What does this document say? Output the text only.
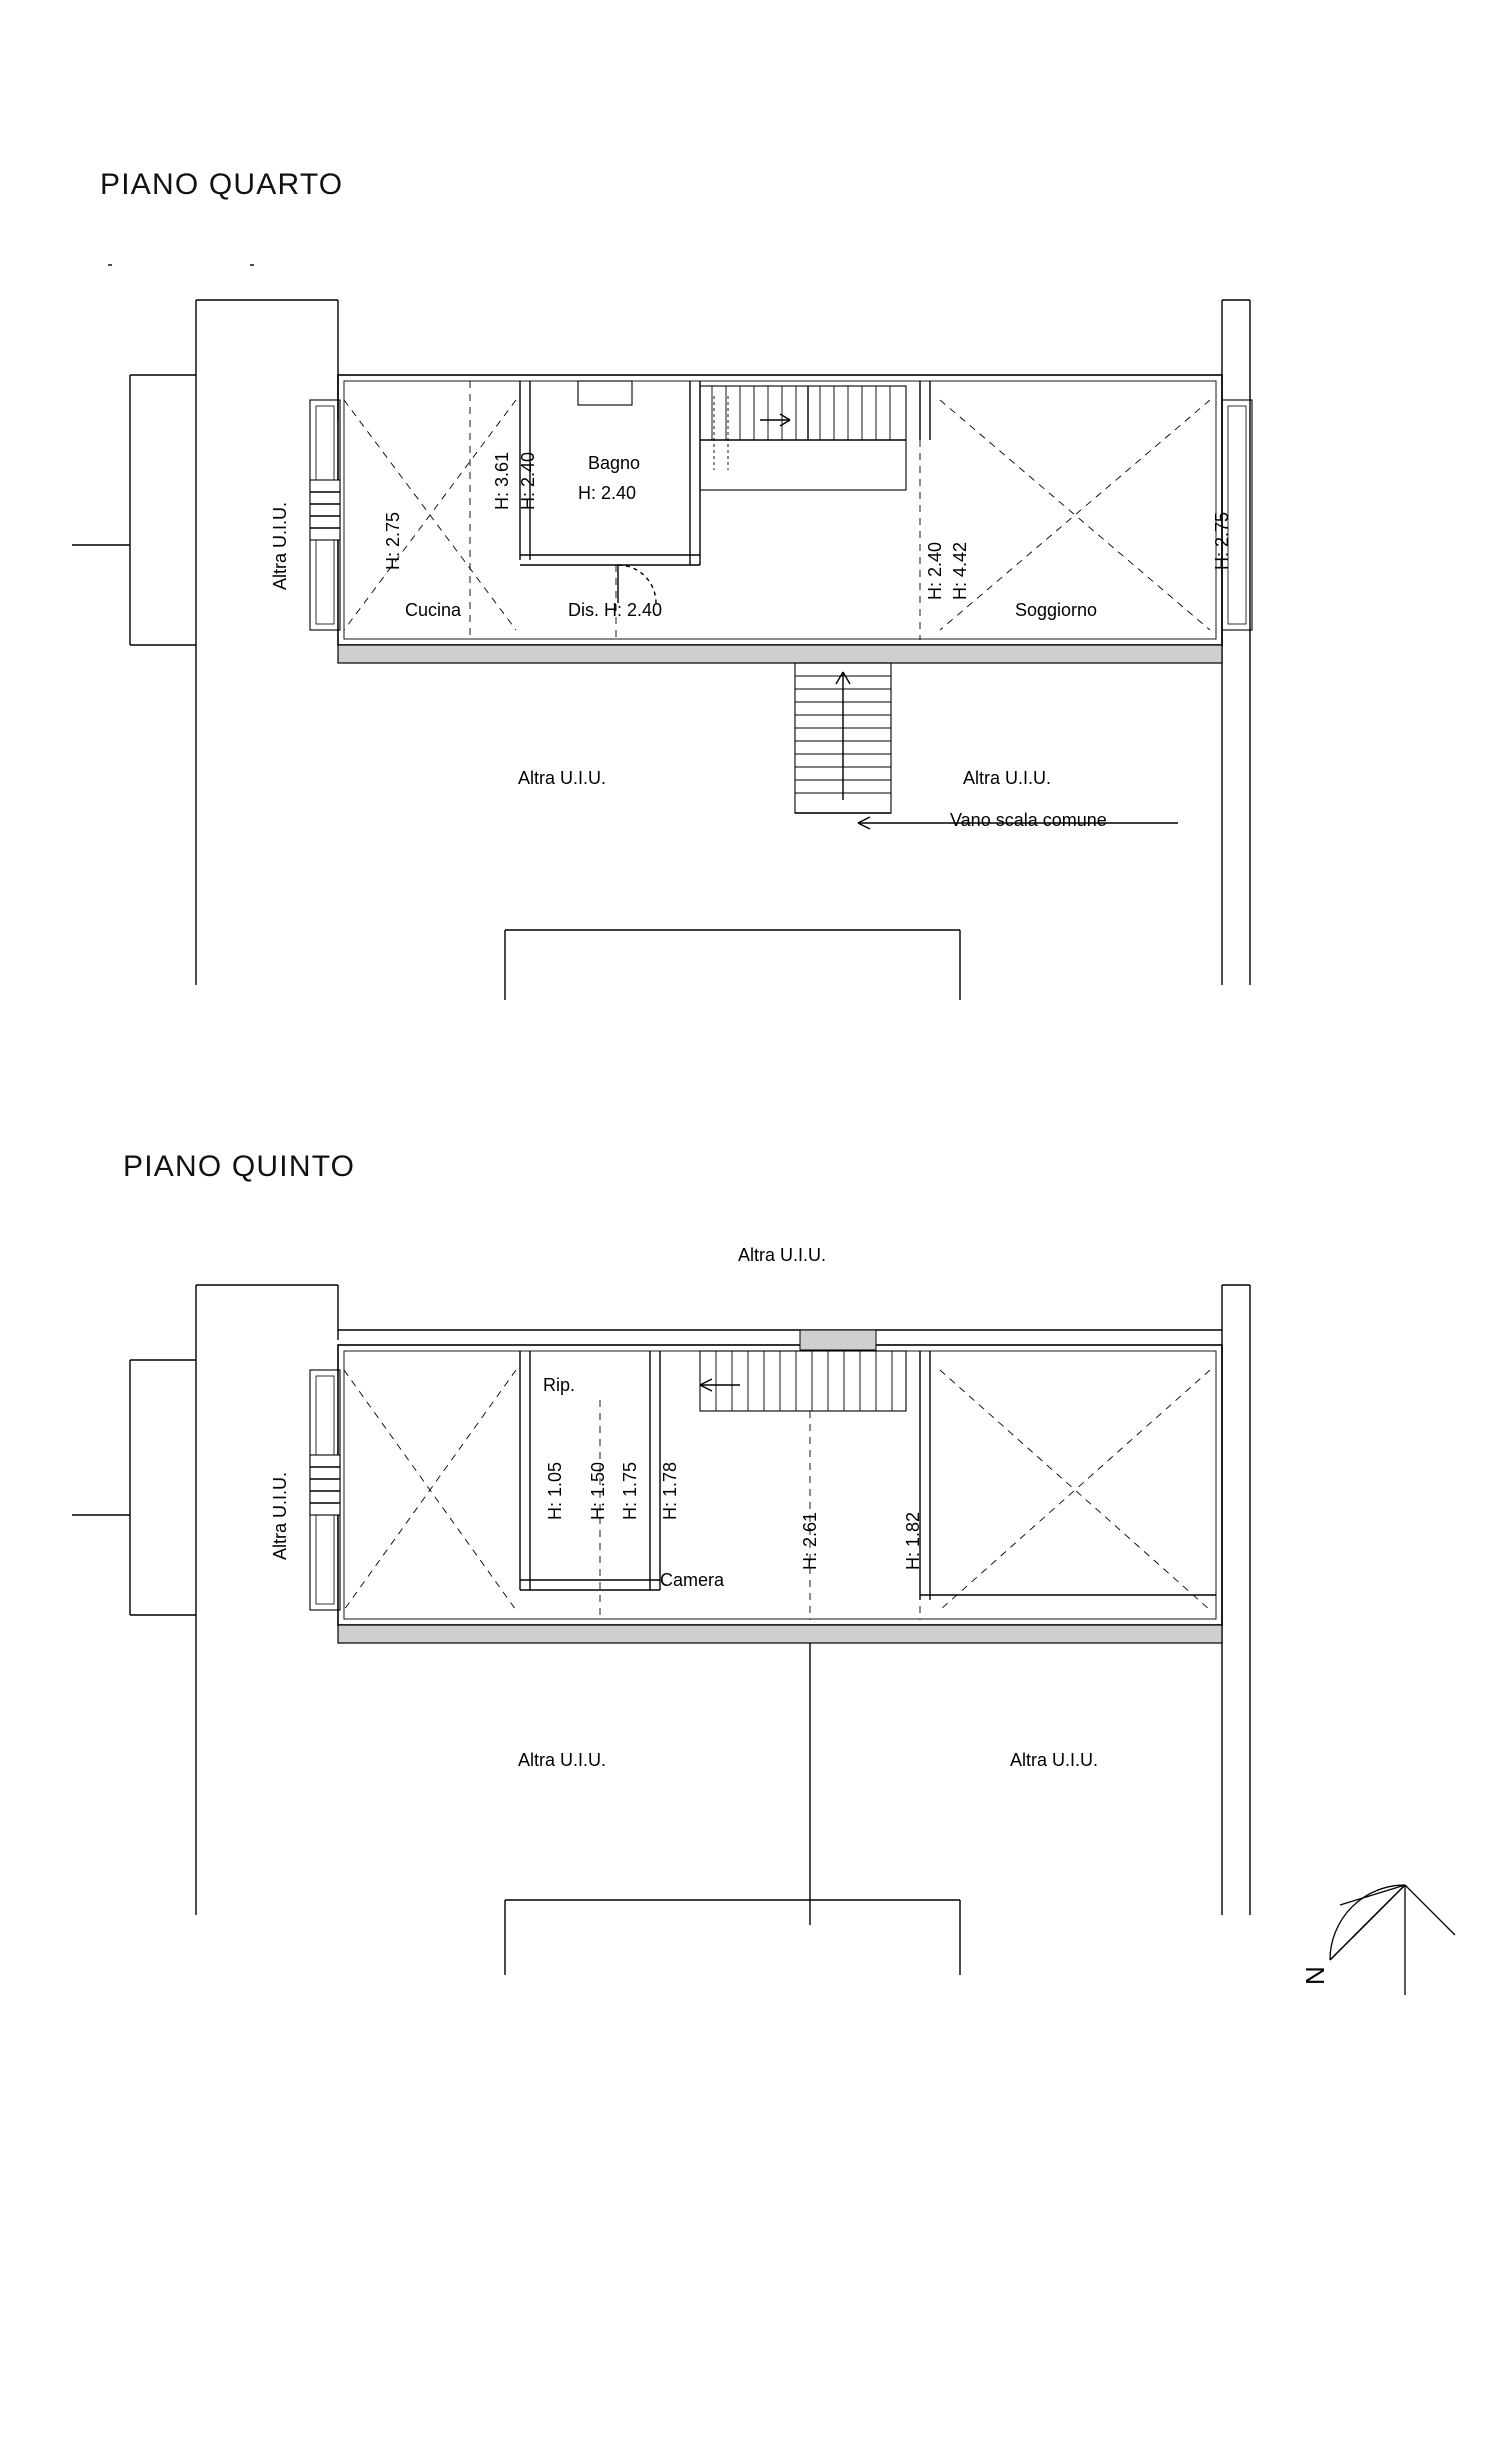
PIANO QUARTO
PIANO QUINTO
Altra U.I.U.	H: 2.75
H: 3.61 H: 2.40	Bagno
H: 2.40
Cucina	Dis. H: 2.40
H: 2.40 H: 4.42
Soggiorno
H: 2.75
Altra U.I.U.	Altra U.I.U.
Vano scala comune
Altra U.I.U.
Altra U.I.U.
Rip.
H: 1.05 H: 1.50 H: 1.75 H: 1.78
H: 2.61	H: 1.82
Camera
Altra U.I.U.	Altra U.I.U.
N
